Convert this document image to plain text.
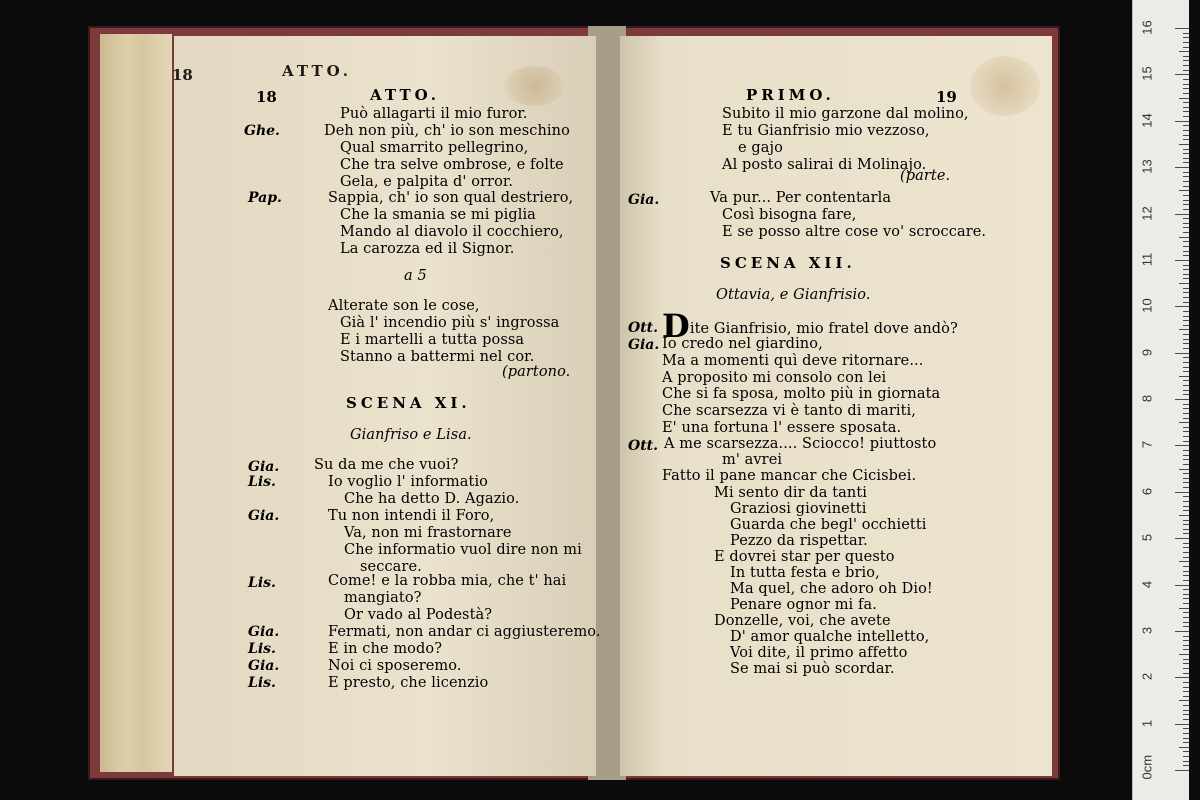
18	ATTO.
18	ATTO.
Può allagarti il mio furor.
Ghe.	Deh non più, ch' io son meschino
Qual smarrito pellegrino,
Che tra selve ombrose, e folte
Gela, e palpita d' orror.
Pap.	Sappia, ch' io son qual destriero,
Che la smania se mi piglia
Mando al diavolo il cocchiero,
La carozza ed il Signor.
a 5
Alterate son le cose,
Già l' incendio più s' ingrossa
E i martelli a tutta possa
Stanno a battermi nel cor.
(partono.
SCENA XI.
Gianfriso e Lisa.
Gia. Su da me che vuoi?
Lis.	Io voglio l' informatio
Che ha detto D. Agazio.
Gia.	Tu non intendi il Foro,
Va, non mi frastornare
Che informatio vuol dire non mi
seccare.
Lis.	Come! e la robba mia, che t' hai
mangiato?
Or vado al Podestà?
Gia.	Fermati, non andar ci aggiusteremo.
Lis.	E in che modo?
Gia.	Noi ci sposeremo.
Lis.	E presto, che licenzio
PRIMO.	19
Subito il mio garzone dal molino,
E tu Gianfrisio mio vezzoso,
e gajo
Al posto salirai di Molinajo.
(parte.
Gia.	Va pur... Per contentarla
Così bisogna fare,
E se posso altre cose vo' scroccare.
SCENA XII.
Ottavia, e Gianfrisio.
Ott. Dite Gianfrisio, mio fratel dove andò?
Gia. Io credo nel giardino,
Ma a momenti quì deve ritornare...
A proposito mi consolo con lei
Che si fa sposa, molto più in giornata
Che scarsezza vi è tanto di mariti,
E' una fortuna l' essere sposata.
Ott. A me scarsezza.... Sciocco! piuttosto
m' avrei
Fatto il pane mancar che Cicisbei.
Mi sento dir da tanti
Graziosi giovinetti
Guarda che begl' occhietti
Pezzo da rispettar.
E dovrei star per questo
In tutta festa e brio,
Ma quel, che adoro oh Dio!
Penare ognor mi fa.
Donzelle, voi, che avete
D' amor qualche intelletto,
Voi dite, il primo affetto
Se mai si può scordar.
16
15
14
13
12
11
10
9
8
7
6
5
4
3
2
1
0cm
